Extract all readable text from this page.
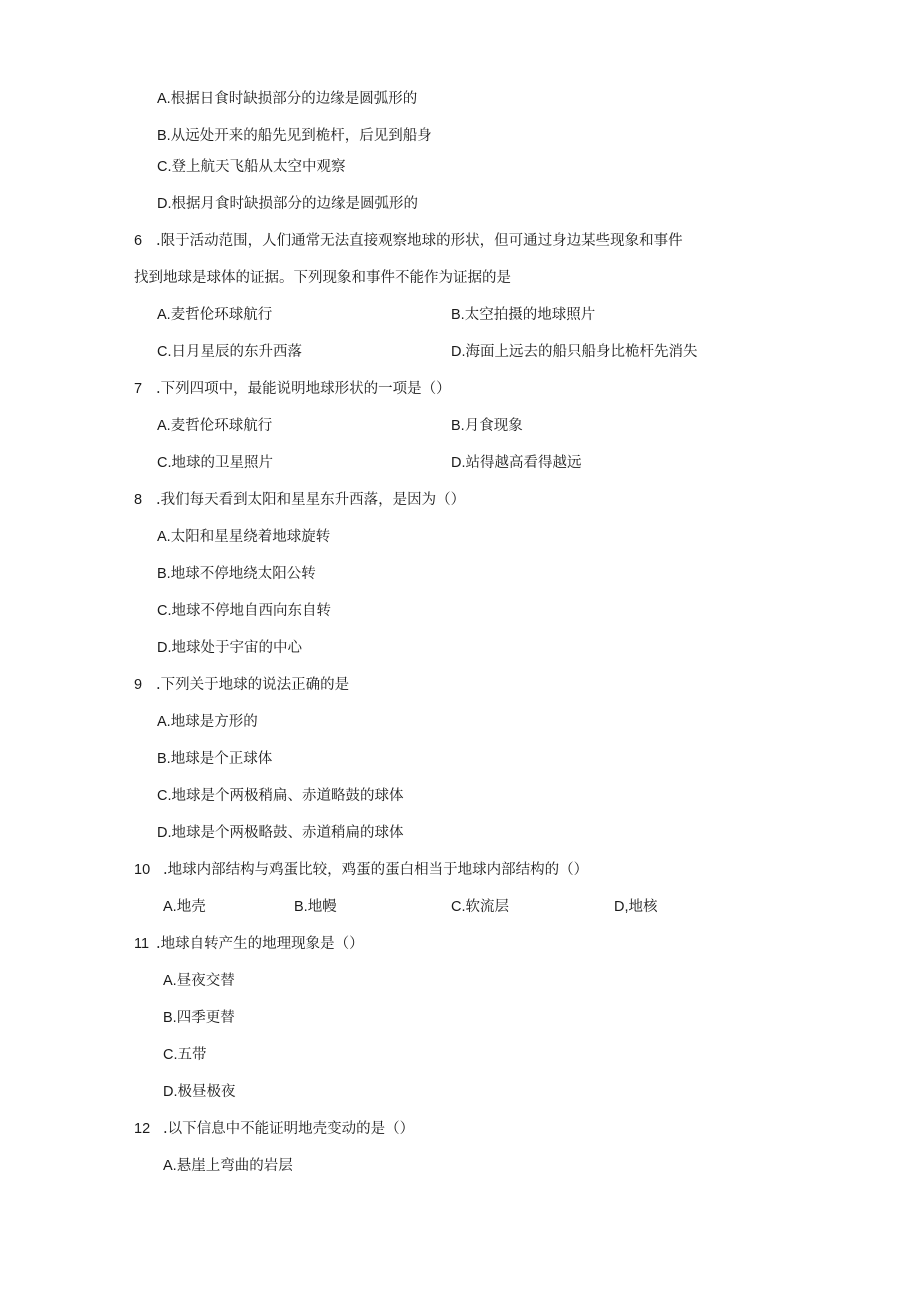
A.根据日食时缺损部分的边缘是圆弧形的
B.从远处开来的船先见到桅杆，后见到船身
C.登上航天飞船从太空中观察
D.根据月食时缺损部分的边缘是圆弧形的
6 .限于活动范围，人们通常无法直接观察地球的形状，但可通过身边某些现象和事件
找到地球是球体的证据。下列现象和事件不能作为证据的是
A.麦哲伦环球航行	B.太空拍摄的地球照片
C.日月星辰的东升西落	D.海面上远去的船只船身比桅杆先消失
7 .下列四项中，最能说明地球形状的一项是（）
A.麦哲伦环球航行	B.月食现象
C.地球的卫星照片	D.站得越高看得越远
8 .我们每天看到太阳和星星东升西落，是因为（）
A.太阳和星星绕着地球旋转
B.地球不停地绕太阳公转
C.地球不停地自西向东自转
D.地球处于宇宙的中心
9 .下列关于地球的说法正确的是
A.地球是方形的
B.地球是个正球体
C.地球是个两极稍扁、赤道略鼓的球体
D.地球是个两极略鼓、赤道稍扁的球体
10 .地球内部结构与鸡蛋比较，鸡蛋的蛋白相当于地球内部结构的（）
A.地壳	B.地幔	C.软流层	D,地核
11 .地球自转产生的地理现象是（）
A.昼夜交替
B.四季更替
C.五带
D.极昼极夜
12 .以下信息中不能证明地壳变动的是（）
A.悬崖上弯曲的岩层
